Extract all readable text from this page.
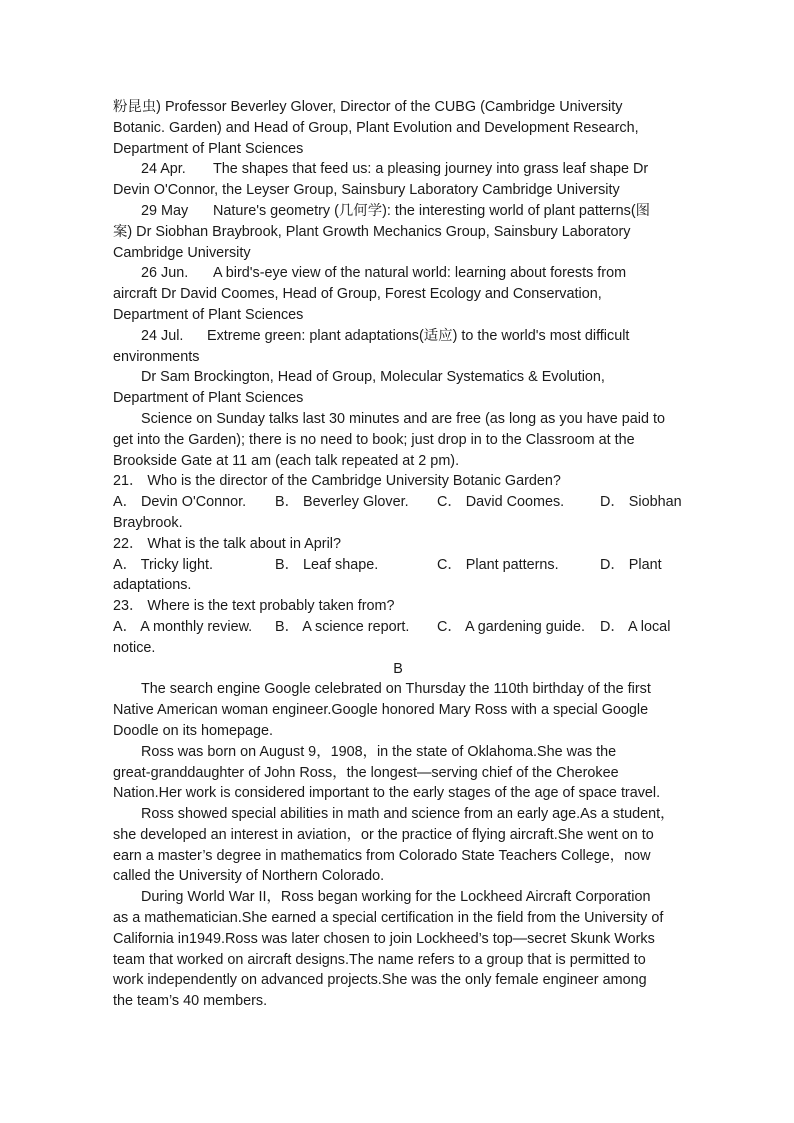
粉昆虫) Professor Beverley Glover, Director of the CUBG (Cambridge University
Botanic. Garden) and Head of Group, Plant Evolution and Development Research,
Department of Plant Sciences
24 Apr. The shapes that feed us: a pleasing journey into grass leaf shape Dr
Devin O'Connor, the Leyser Group, Sainsbury Laboratory Cambridge University
29 May Nature's geometry (几何学): the interesting world of plant patterns(图
案) Dr Siobhan Braybrook, Plant Growth Mechanics Group, Sainsbury Laboratory
Cambridge University
26 Jun. A bird's-eye view of the natural world: learning about forests from
aircraft Dr David Coomes, Head of Group, Forest Ecology and Conservation,
Department of Plant Sciences
24 Jul. Extreme green: plant adaptations(适应) to the world's most difficult
environments
Dr Sam Brockington, Head of Group, Molecular Systematics & Evolution,
Department of Plant Sciences
Science on Sunday talks last 30 minutes and are free (as long as you have paid to
get into the Garden); there is no need to book; just drop in to the Classroom at the
Brookside Gate at 11 am (each talk repeated at 2 pm).
21． Who is the director of the Cambridge University Botanic Garden?
A． Devin O'Connor. B． Beverley Glover. C． David Coomes. D． Siobhan
Braybrook.
22． What is the talk about in April?
A． Tricky light.	B． Leaf shape.	C． Plant patterns.	D． Plant
adaptations.
23． Where is the text probably taken from?
A． A monthly review. B． A science report. C． A gardening guide. D． A local
notice.
B
The search engine Google celebrated on Thursday the 110th birthday of the first
Native American woman engineer.Google honored Mary Ross with a special Google
Doodle on its homepage.
Ross was born on August 9，1908，in the state of Oklahoma.She was the
great-granddaughter of John Ross，the longest—serving chief of the Cherokee
Nation.Her work is considered important to the early stages of the age of space travel.
Ross showed special abilities in math and science from an early age.As a student，
she developed an interest in aviation，or the practice of flying aircraft.She went on to
earn a master’s degree in mathematics from Colorado State Teachers College，now
called the University of Northern Colorado.
During World War II，Ross began working for the Lockheed Aircraft Corporation
as a mathematician.She earned a special certification in the field from the University of
California in1949.Ross was later chosen to join Lockheed’s top—secret Skunk Works
team that worked on aircraft designs.The name refers to a group that is permitted to
work independently on advanced projects.She was the only female engineer among
the team’s 40 members.
